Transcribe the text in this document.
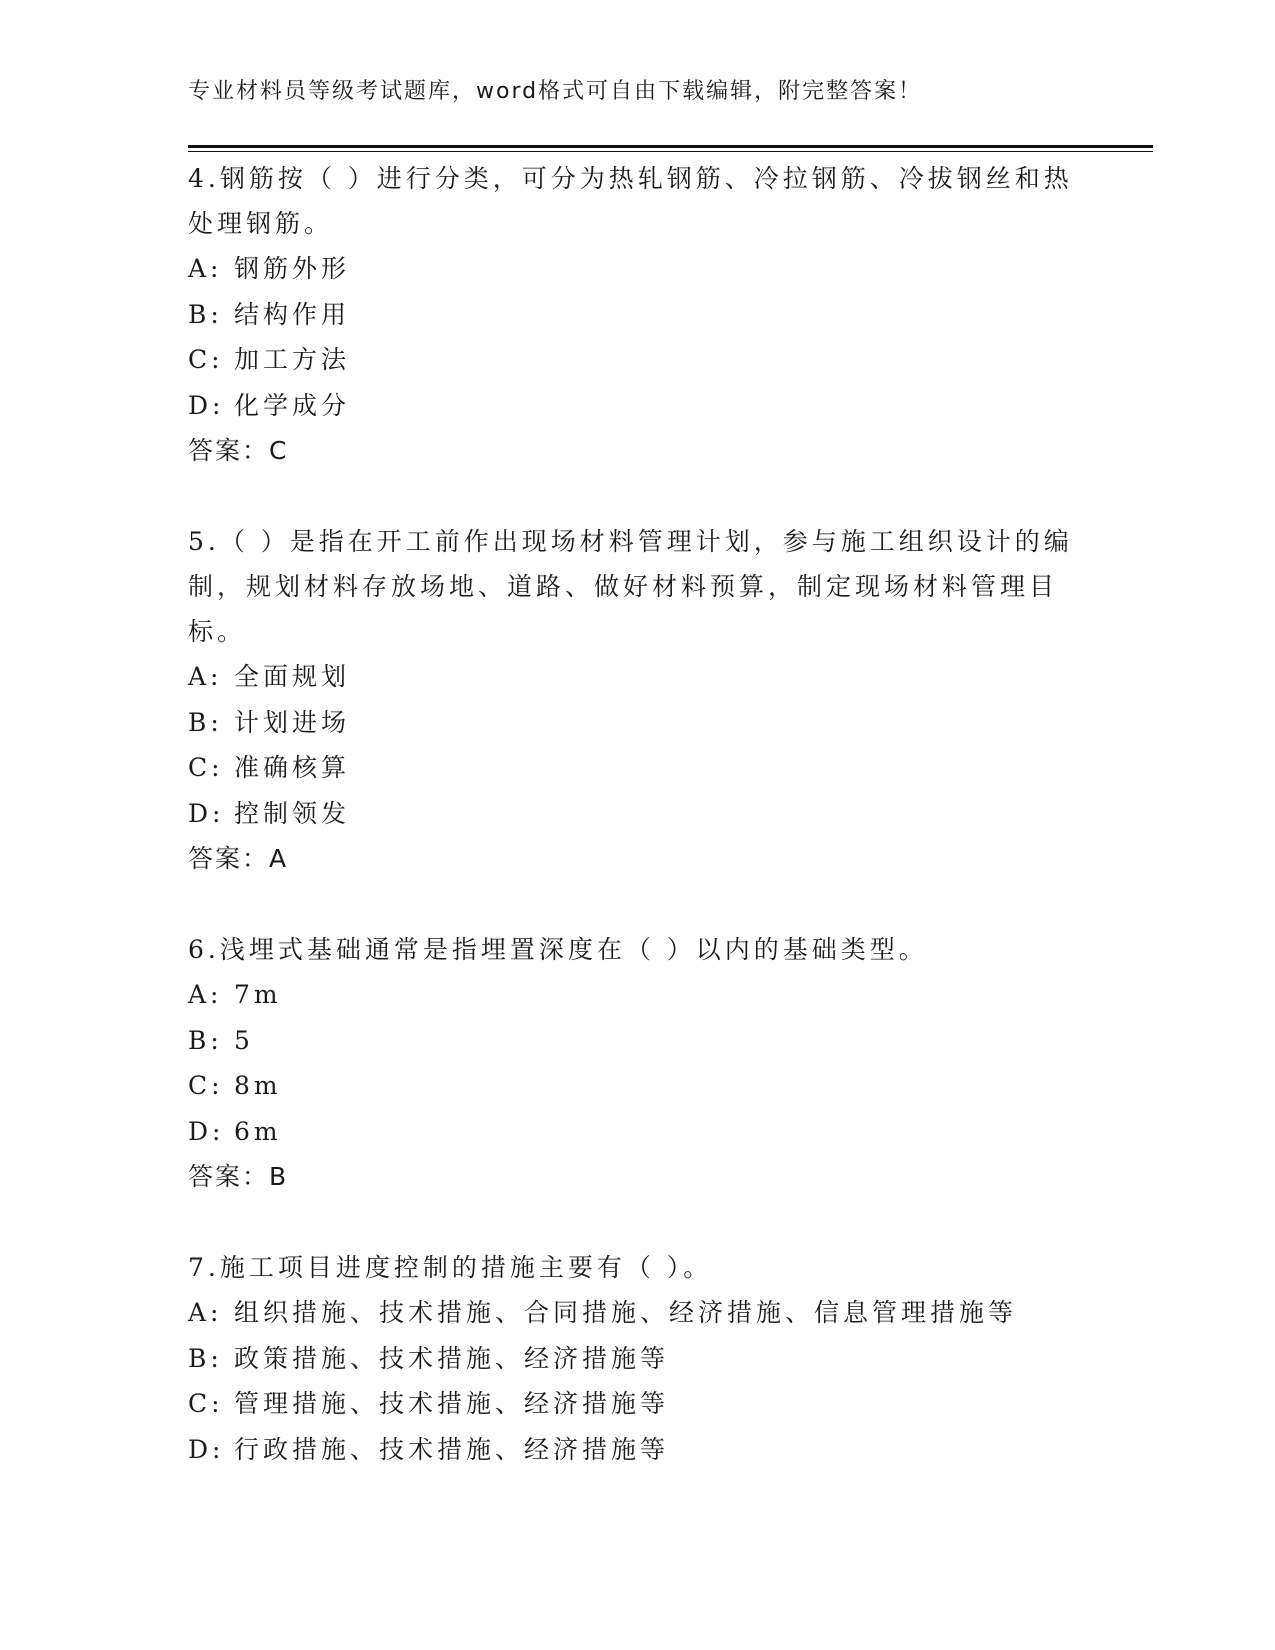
专业材料员等级考试题库，word格式可自由下载编辑，附完整答案！
4.钢筋按（ ）进行分类，可分为热轧钢筋、冷拉钢筋、冷拔钢丝和热
处理钢筋。
A: 钢筋外形
B: 结构作用
C: 加工方法
D: 化学成分
答案：C
5.（ ）是指在开工前作出现场材料管理计划，参与施工组织设计的编
制，规划材料存放场地、道路、做好材料预算，制定现场材料管理目
标。
A: 全面规划
B: 计划进场
C: 准确核算
D: 控制领发
答案：A
6.浅埋式基础通常是指埋置深度在（ ）以内的基础类型。
A: 7m
B: 5
C: 8m
D: 6m
答案：B
7.施工项目进度控制的措施主要有（ ）。
A: 组织措施、技术措施、合同措施、经济措施、信息管理措施等
B: 政策措施、技术措施、经济措施等
C: 管理措施、技术措施、经济措施等
D: 行政措施、技术措施、经济措施等
